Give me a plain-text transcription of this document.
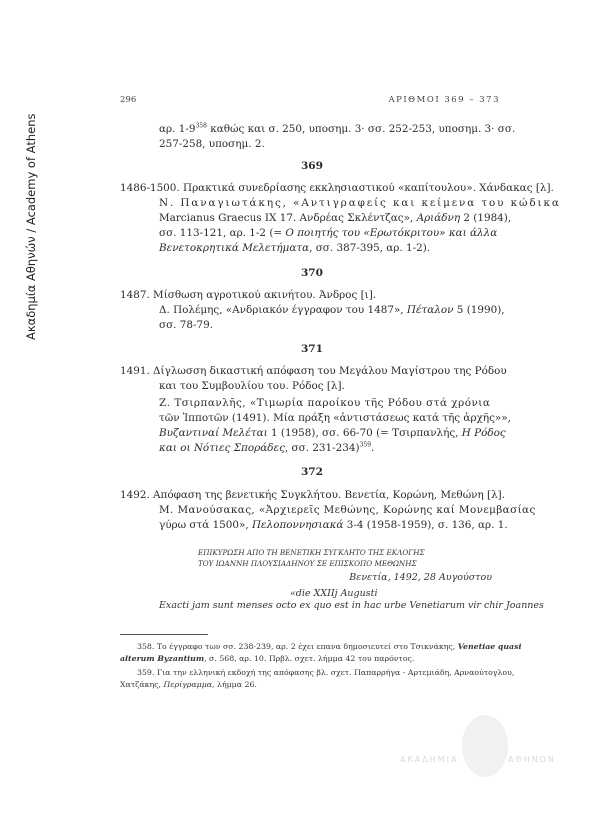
Ακαδημία Αθηνών / Academy of Athens
296	ΑΡΙΘΜΟΙ 369 – 373
αρ. $1-9^{358}$ καθώς και σ. 250, υποσημ. 3· σσ. 252-253, υποσημ. 3· σσ.
257-258, υποσημ. 2.
369
1486-1500. Πρακτικά συνεδρίασης εκκλησιαστικού «καπίτουλου». Χάνδακας [λ].
Ν. Παναγιωτάκης, «Αντιγραφείς και κείμενα του κώδικα
Marcianus Graecus IX 17. Ανδρέας Σκλέντζας», Αριάδνη 2 (1984),
σσ. 113-121, αρ. 1-2 (= Ο ποιητής του «Ερωτόκριτου» και άλλα
Βενετοκρητικά Μελετήματα, σσ. 387-395, αρ. 1-2).
370
1487. Μίσθωση αγροτικού ακινήτου. Άνδρος [ι].
Δ. Πολέμης, «Ανδριακόν έγγραφον του 1487», Πέταλον 5 (1990),
σσ. 78-79.
371
1491. Δίγλωσση δικαστική απόφαση του Μεγάλου Μαγίστρου της Ρόδου
και του Συμβουλίου του. Ρόδος [λ].
Ζ. Τσιρπανλῆς, «Τιμωρία παροίκου τῆς Ρόδου στά χρόνια
τῶν Ἱπποτῶν (1491). Μία πράξη «ἀντιστάσεως κατά τῆς ἀρχῆς»»,
Βυζαντιναί Μελέται 1 (1958), σσ. 66-70 (= Τσιρπανλής, Η Ρόδος
και οι Νότιες Σποράδες, σσ. 231-234)$^{359}$.
372
1492. Απόφαση της βενετικής Συγκλήτου. Βενετία, Κορώνη, Μεθώνη [λ].
Μ. Μανούσακας, «Ἀρχιερεῖς Μεθώνης, Κορώνης καί Μονεμβασίας
γύρω στά 1500», Πελοποννησιακά 3-4 (1958-1959), σ. 136, αρ. 1.
ΕΠΙΚΥΡΩΣΗ ΑΠΟ ΤΗ ΒΕΝΕΤΙΚΗ ΣΥΓΚΛΗΤΟ ΤΗΣ ΕΚΛΟΓΗΣ
ΤΟΥ ΙΩΑΝΝΗ ΠΛΟΥΣΙΑΔΗΝΟΥ ΣΕ ΕΠΙΣΚΟΠΟ ΜΕΘΩΝΗΣ
Βενετία, 1492, 28 Αυγούστου
«die XXIIj Augusti
Exacti jam sunt menses octo ex quo est in hac urbe Venetiarum vir chir Joannes
358. Το έγγραφο των σσ. 238-239, αρ. 2 έχει επανα δημοσιευτεί στο Τσικνάκης, Venetiae quasi
alterum Byzantium, σ. 568, αρ. 10. Πρβλ. σχετ. λήμμα 42 του παρόντος.
359. Για την ελληνική εκδοχή της απόφασης βλ. σχετ. Παπαρρήγα - Αρτεμιάδη, Αρναούτογλου,
Χατζάκης, Περίγραμμα, λήμμα 26.
ΑΚΑΔΗΜΙΑ	ΑΘΗΝΩΝ
